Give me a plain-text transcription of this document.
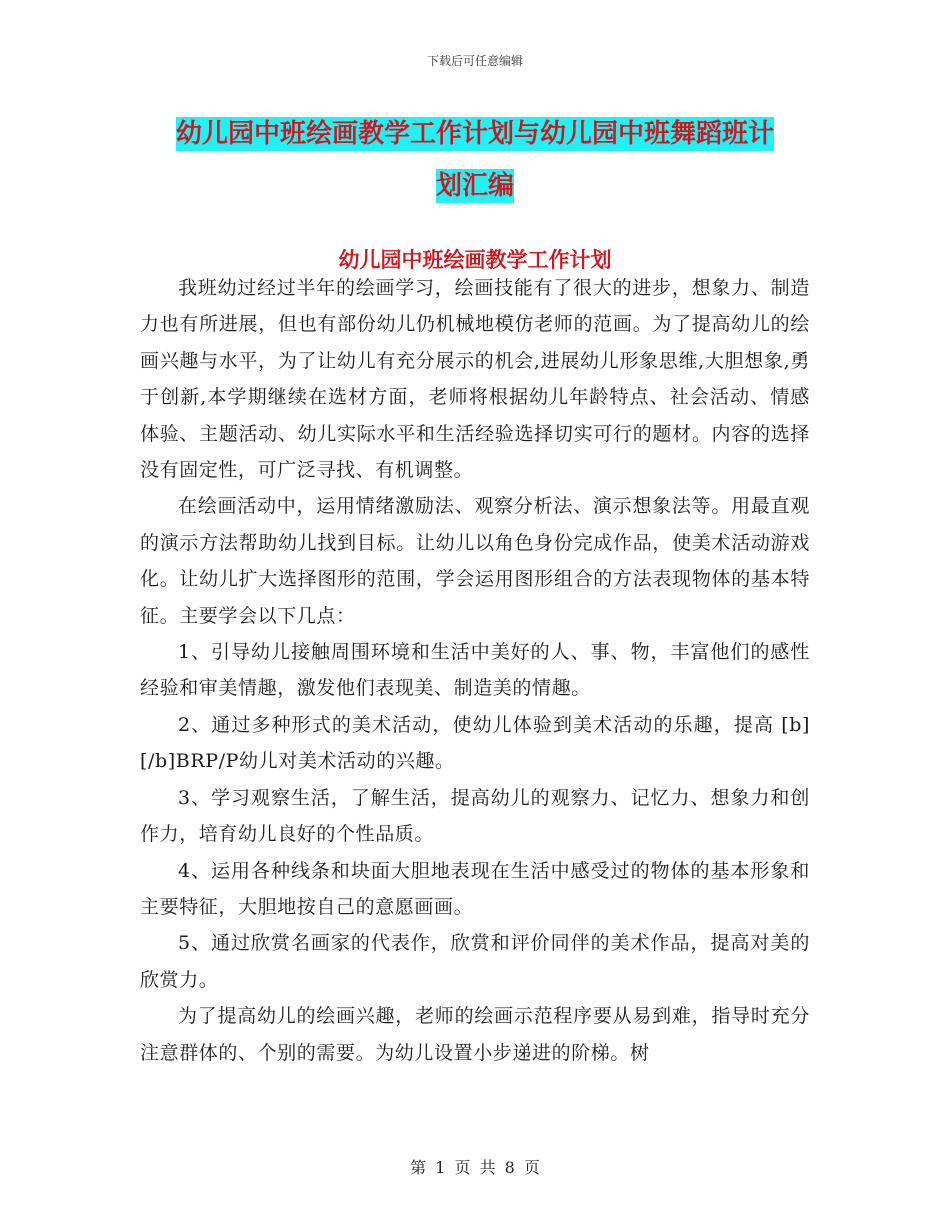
下载后可任意编辑
幼儿园中班绘画教学工作计划与幼儿园中班舞蹈班计
划汇编
幼儿园中班绘画教学工作计划

我班幼过经过半年的绘画学习，绘画技能有了很大的进步，想象力、制造力也有所进展，但也有部份幼儿仍机械地模仿老师的范画。为了提高幼儿的绘画兴趣与水平，为了让幼儿有充分展示的机会,进展幼儿形象思维,大胆想象,勇于创新,本学期继续在选材方面，老师将根据幼儿年龄特点、社会活动、情感体验、主题活动、幼儿实际水平和生活经验选择切实可行的题材。内容的选择没有固定性，可广泛寻找、有机调整。

在绘画活动中，运用情绪激励法、观察分析法、演示想象法等。用最直观的演示方法帮助幼儿找到目标。让幼儿以角色身份完成作品，使美术活动游戏化。让幼儿扩大选择图形的范围，学会运用图形组合的方法表现物体的基本特征。主要学会以下几点：

1、引导幼儿接触周围环境和生活中美好的人、事、物，丰富他们的感性经验和审美情趣，激发他们表现美、制造美的情趣。

2、通过多种形式的美术活动，使幼儿体验到美术活动的乐趣，提高 [b][/b]BRP/P幼儿对美术活动的兴趣。

3、学习观察生活，了解生活，提高幼儿的观察力、记忆力、想象力和创作力，培育幼儿良好的个性品质。

4、运用各种线条和块面大胆地表现在生活中感受过的物体的基本形象和主要特征，大胆地按自己的意愿画画。

5、通过欣赏名画家的代表作，欣赏和评价同伴的美术作品，提高对美的欣赏力。

为了提高幼儿的绘画兴趣，老师的绘画示范程序要从易到难，指导时充分注意群体的、个别的需要。为幼儿设置小步递进的阶梯。树

第 1 页 共 8 页
